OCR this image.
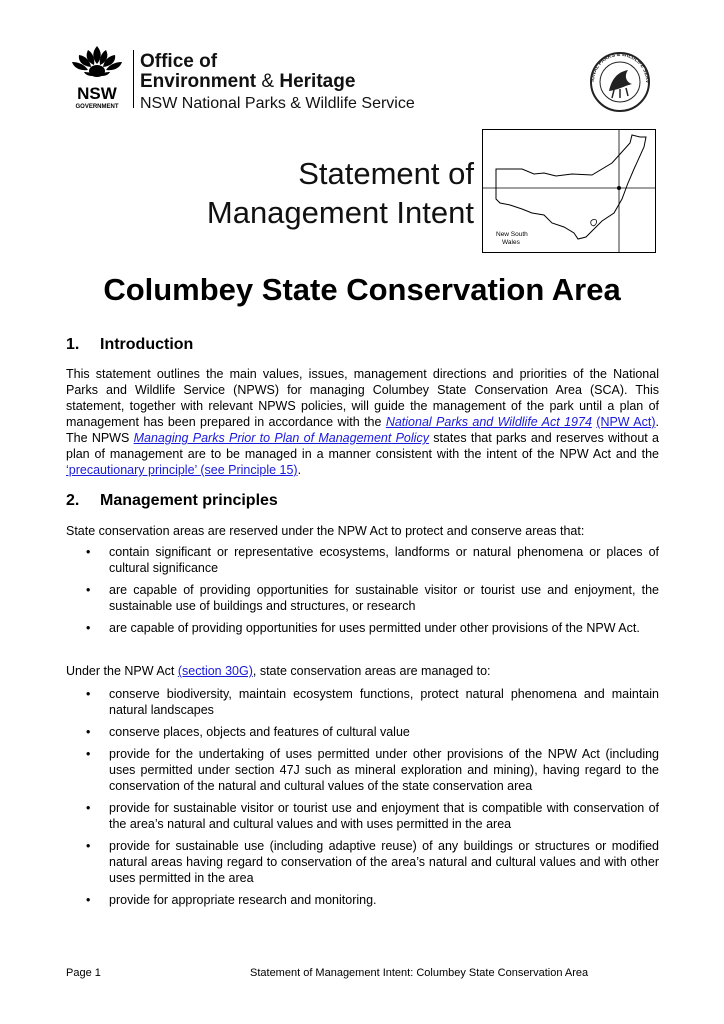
NSW
GOVERNMENT
Office of
Environment & Heritage
NSW National Parks & Wildlife Service
IONAL PARKS & WILDLIFE SERV
Statement of
Management Intent
New South
Wales
Columbey State Conservation Area
1. Introduction
This statement outlines the main values, issues, management directions and priorities of the National Parks and Wildlife Service (NPWS) for managing Columbey State Conservation Area (SCA). This statement, together with relevant NPWS policies, will guide the management of the park until a plan of management has been prepared in accordance with the National Parks and Wildlife Act 1974 (NPW Act). The NPWS Managing Parks Prior to Plan of Management Policy states that parks and reserves without a plan of management are to be managed in a manner consistent with the intent of the NPW Act and the ‘precautionary principle’ (see Principle 15).
2. Management principles
State conservation areas are reserved under the NPW Act to protect and conserve areas that:
• contain significant or representative ecosystems, landforms or natural phenomena or places of cultural significance
• are capable of providing opportunities for sustainable visitor or tourist use and enjoyment, the sustainable use of buildings and structures, or research
• are capable of providing opportunities for uses permitted under other provisions of the NPW Act.
Under the NPW Act (section 30G), state conservation areas are managed to:
• conserve biodiversity, maintain ecosystem functions, protect natural phenomena and maintain natural landscapes
• conserve places, objects and features of cultural value
• provide for the undertaking of uses permitted under other provisions of the NPW Act (including uses permitted under section 47J such as mineral exploration and mining), having regard to the conservation of the natural and cultural values of the state conservation area
• provide for sustainable visitor or tourist use and enjoyment that is compatible with conservation of the area’s natural and cultural values and with uses permitted in the area
• provide for sustainable use (including adaptive reuse) of any buildings or structures or modified natural areas having regard to conservation of the area’s natural and cultural values and with other uses permitted in the area
• provide for appropriate research and monitoring.
Page 1	Statement of Management Intent: Columbey State Conservation Area
